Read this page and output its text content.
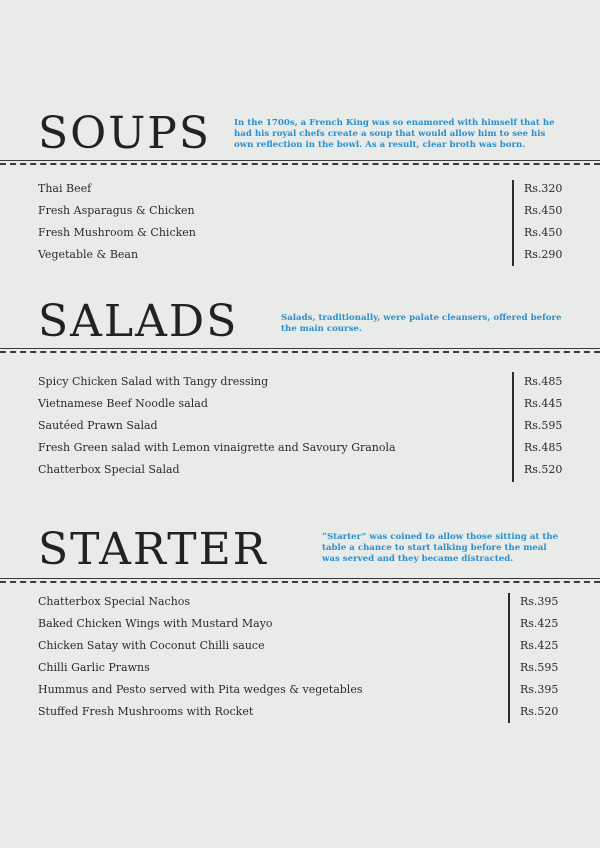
SOUPS	In the 1700s, a French King was so enamored with himself that he had his royal chefs create a soup that would allow him to see his own reflection in the bowl. As a result, clear broth was born.

Thai Beef	Rs.320
Fresh Asparagus & Chicken	Rs.450
Fresh Mushroom & Chicken	Rs.450
Vegetable & Bean	Rs.290
SALADS	Salads, traditionally, were palate cleansers, offered before the main course.

Spicy Chicken Salad with Tangy dressing	Rs.485
Vietnamese Beef Noodle salad	Rs.445
Sautéed Prawn Salad	Rs.595
Fresh Green salad with Lemon vinaigrette and Savoury Granola	Rs.485
Chatterbox Special Salad	Rs.520
STARTER	“Starter” was coined to allow those sitting at the table a chance to start talking before the meal was served and they became distracted.

Chatterbox Special Nachos	Rs.395
Baked Chicken Wings with Mustard Mayo	Rs.425
Chicken Satay with Coconut Chilli sauce	Rs.425
Chilli Garlic Prawns	Rs.595
Hummus and Pesto served with Pita wedges & vegetables	Rs.395
Stuffed Fresh Mushrooms with Rocket	Rs.520
